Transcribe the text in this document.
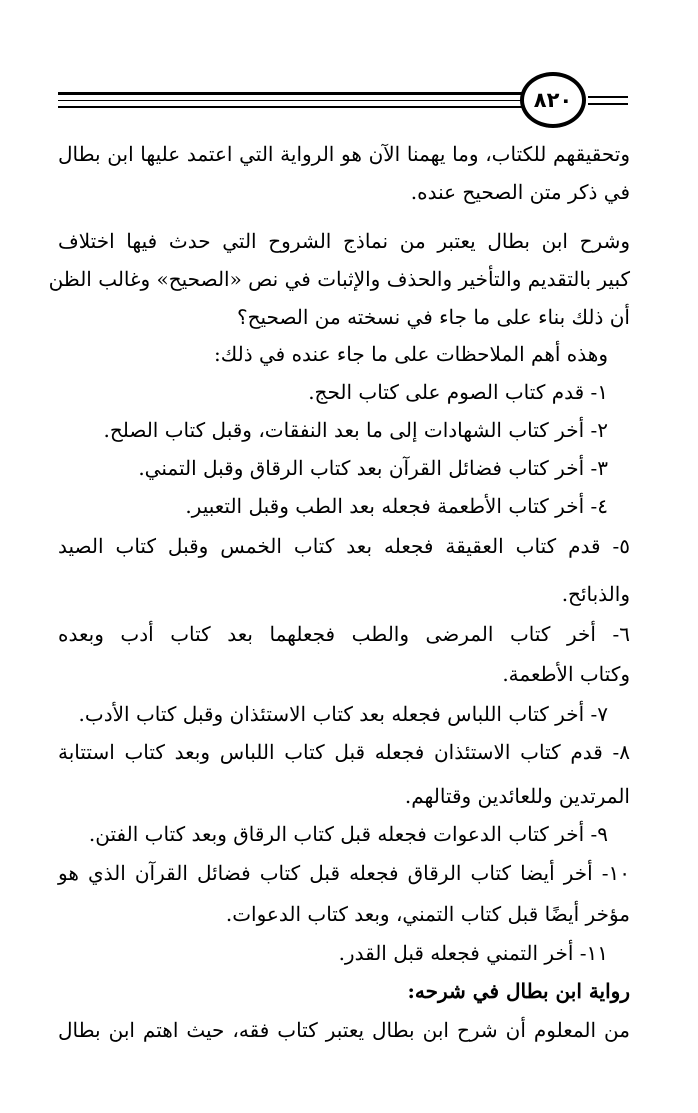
٨٢٠
وتحقيقهم للكتاب، وما يهمنا الآن هو الرواية التي اعتمد عليها ابن بطال
في ذكر متن الصحيح عنده.
وشرح ابن بطال يعتبر من نماذج الشروح التي حدث فيها اختلاف
كبير بالتقديم والتأخير والحذف والإثبات في نص «الصحيح» وغالب الظن
أن ذلك بناء على ما جاء في نسخته من الصحيح؟
وهذه أهم الملاحظات على ما جاء عنده في ذلك:
١- قدم كتاب الصوم على كتاب الحج.
٢- أخر كتاب الشهادات إلى ما بعد النفقات، وقبل كتاب الصلح.
٣- أخر كتاب فضائل القرآن بعد كتاب الرقاق وقبل التمني.
٤- أخر كتاب الأطعمة فجعله بعد الطب وقبل التعبير.
٥- قدم كتاب العقيقة فجعله بعد كتاب الخمس وقبل كتاب الصيد
والذبائح.
٦- أخر كتاب المرضى والطب فجعلهما بعد كتاب أدب وبعده
وكتاب الأطعمة.
٧- أخر كتاب اللباس فجعله بعد كتاب الاستئذان وقبل كتاب الأدب.
٨- قدم كتاب الاستئذان فجعله قبل كتاب اللباس وبعد كتاب استتابة
المرتدين وللعائدين وقتالهم.
٩- أخر كتاب الدعوات فجعله قبل كتاب الرقاق وبعد كتاب الفتن.
١٠- أخر أيضا كتاب الرقاق فجعله قبل كتاب فضائل القرآن الذي هو
مؤخر أيضًا قبل كتاب التمني، وبعد كتاب الدعوات.
١١- أخر التمني فجعله قبل القدر.
رواية ابن بطال في شرحه:
من المعلوم أن شرح ابن بطال يعتبر كتاب فقه، حيث اهتم ابن بطال
